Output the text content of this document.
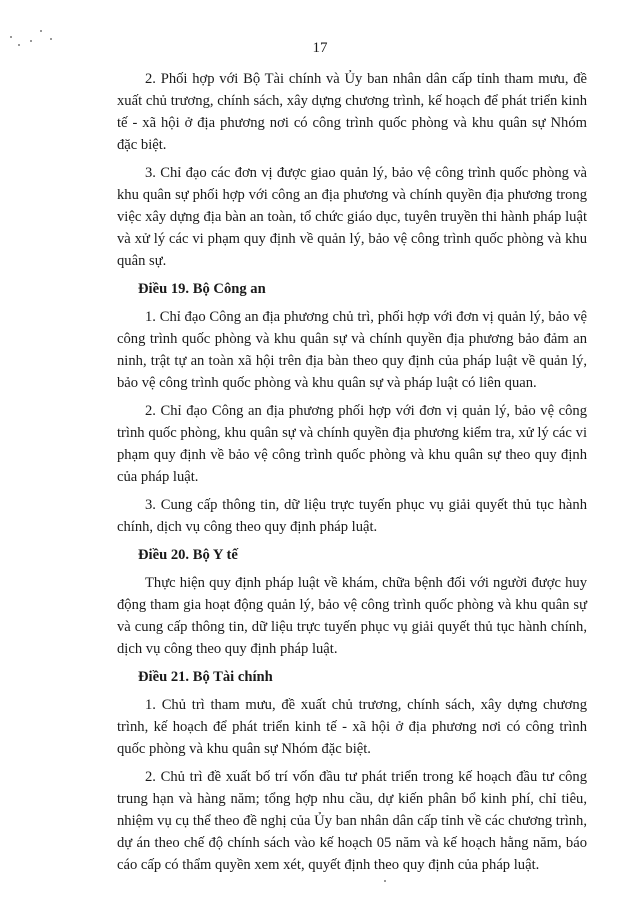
17

2. Phối hợp với Bộ Tài chính và Ủy ban nhân dân cấp tỉnh tham mưu, đề xuất chủ trương, chính sách, xây dựng chương trình, kế hoạch để phát triển kinh tế - xã hội ở địa phương nơi có công trình quốc phòng và khu quân sự Nhóm đặc biệt.

3. Chỉ đạo các đơn vị được giao quản lý, bảo vệ công trình quốc phòng và khu quân sự phối hợp với công an địa phương và chính quyền địa phương trong việc xây dựng địa bàn an toàn, tổ chức giáo dục, tuyên truyền thi hành pháp luật và xử lý các vi phạm quy định về quản lý, bảo vệ công trình quốc phòng và khu quân sự.

Điều 19. Bộ Công an

1. Chỉ đạo Công an địa phương chủ trì, phối hợp với đơn vị quản lý, bảo vệ công trình quốc phòng và khu quân sự và chính quyền địa phương bảo đảm an ninh, trật tự an toàn xã hội trên địa bàn theo quy định của pháp luật về quản lý, bảo vệ công trình quốc phòng và khu quân sự và pháp luật có liên quan.

2. Chỉ đạo Công an địa phương phối hợp với đơn vị quản lý, bảo vệ công trình quốc phòng, khu quân sự và chính quyền địa phương kiểm tra, xử lý các vi phạm quy định về bảo vệ công trình quốc phòng và khu quân sự theo quy định của pháp luật.

3. Cung cấp thông tin, dữ liệu trực tuyến phục vụ giải quyết thủ tục hành chính, dịch vụ công theo quy định pháp luật.

Điều 20. Bộ Y tế

Thực hiện quy định pháp luật về khám, chữa bệnh đối với người được huy động tham gia hoạt động quản lý, bảo vệ công trình quốc phòng và khu quân sự và cung cấp thông tin, dữ liệu trực tuyến phục vụ giải quyết thủ tục hành chính, dịch vụ công theo quy định pháp luật.

Điều 21. Bộ Tài chính

1. Chủ trì tham mưu, đề xuất chủ trương, chính sách, xây dựng chương trình, kế hoạch để phát triển kinh tế - xã hội ở địa phương nơi có công trình quốc phòng và khu quân sự Nhóm đặc biệt.

2. Chủ trì đề xuất bố trí vốn đầu tư phát triển trong kế hoạch đầu tư công trung hạn và hàng năm; tổng hợp nhu cầu, dự kiến phân bổ kinh phí, chỉ tiêu, nhiệm vụ cụ thể theo đề nghị của Ủy ban nhân dân cấp tỉnh về các chương trình, dự án theo chế độ chính sách vào kế hoạch 05 năm và kế hoạch hằng năm, báo cáo cấp có thẩm quyền xem xét, quyết định theo quy định của pháp luật.
